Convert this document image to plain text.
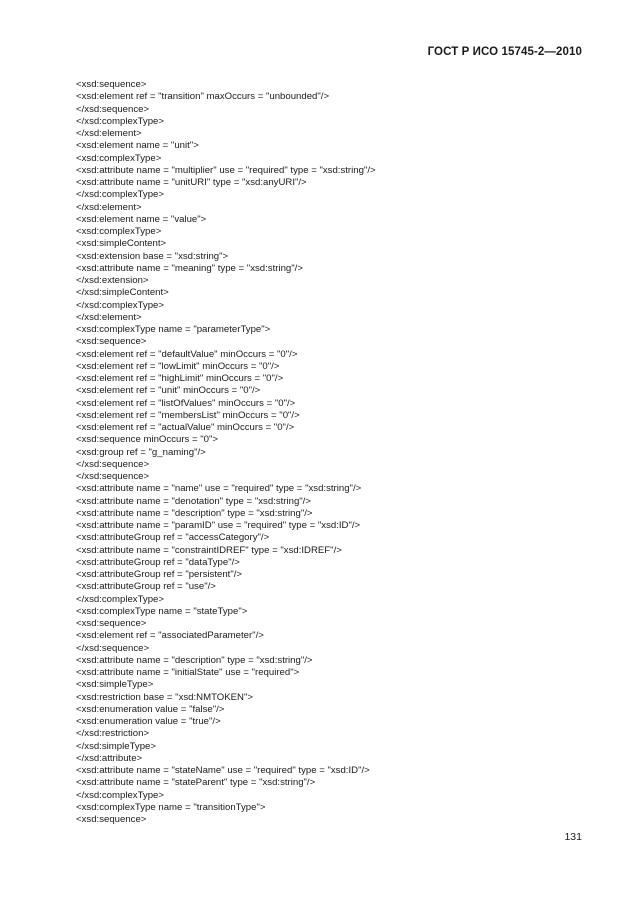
ГОСТ Р ИСО 15745-2—2010
<xsd:sequence>
<xsd:element ref = "transition" maxOccurs = "unbounded"/>
</xsd:sequence>
</xsd:complexType>
</xsd:element>
<xsd:element name = "unit">
<xsd:complexType>
<xsd:attribute name = "multiplier" use = "required" type = "xsd:string"/>
<xsd:attribute name = "unitURI" type = "xsd:anyURI"/>
</xsd:complexType>
</xsd:element>
<xsd:element name = "value">
<xsd:complexType>
<xsd:simpleContent>
<xsd:extension base = "xsd:string">
<xsd:attribute name = "meaning" type = "xsd:string"/>
</xsd:extension>
</xsd:simpleContent>
</xsd:complexType>
</xsd:element>
<xsd:complexType name = "parameterType">
<xsd:sequence>
<xsd:element ref = "defaultValue" minOccurs = "0"/>
<xsd:element ref = "lowLimit" minOccurs = "0"/>
<xsd:element ref = "highLimit" minOccurs = "0"/>
<xsd:element ref = "unit" minOccurs = "0"/>
<xsd:element ref = "listOfValues" minOccurs = "0"/>
<xsd:element ref = "membersList" minOccurs = "0"/>
<xsd:element ref = "actualValue" minOccurs = "0"/>
<xsd:sequence minOccurs = "0">
<xsd:group ref = "g_naming"/>
</xsd:sequence>
</xsd:sequence>
<xsd:attribute name = "name" use = "required" type = "xsd:string"/>
<xsd:attribute name = "denotation" type = "xsd:string"/>
<xsd:attribute name = "description" type = "xsd:string"/>
<xsd:attribute name = "paramID" use = "required" type = "xsd:ID"/>
<xsd:attributeGroup ref = "accessCategory"/>
<xsd:attribute name = "constraintIDREF" type = "xsd:IDREF"/>
<xsd:attributeGroup ref = "dataType"/>
<xsd:attributeGroup ref = "persistent"/>
<xsd:attributeGroup ref = "use"/>
</xsd:complexType>
<xsd:complexType name = "stateType">
<xsd:sequence>
<xsd:element ref = "associatedParameter"/>
</xsd:sequence>
<xsd:attribute name = "description" type = "xsd:string"/>
<xsd:attribute name = "initialState" use = "required">
<xsd:simpleType>
<xsd:restriction base = "xsd:NMTOKEN">
<xsd:enumeration value = "false"/>
<xsd:enumeration value = "true"/>
</xsd:restriction>
</xsd:simpleType>
</xsd:attribute>
<xsd:attribute name = "stateName" use = "required" type = "xsd:ID"/>
<xsd:attribute name = "stateParent" type = "xsd:string"/>
</xsd:complexType>
<xsd:complexType name = "transitionType">
<xsd:sequence>
131
